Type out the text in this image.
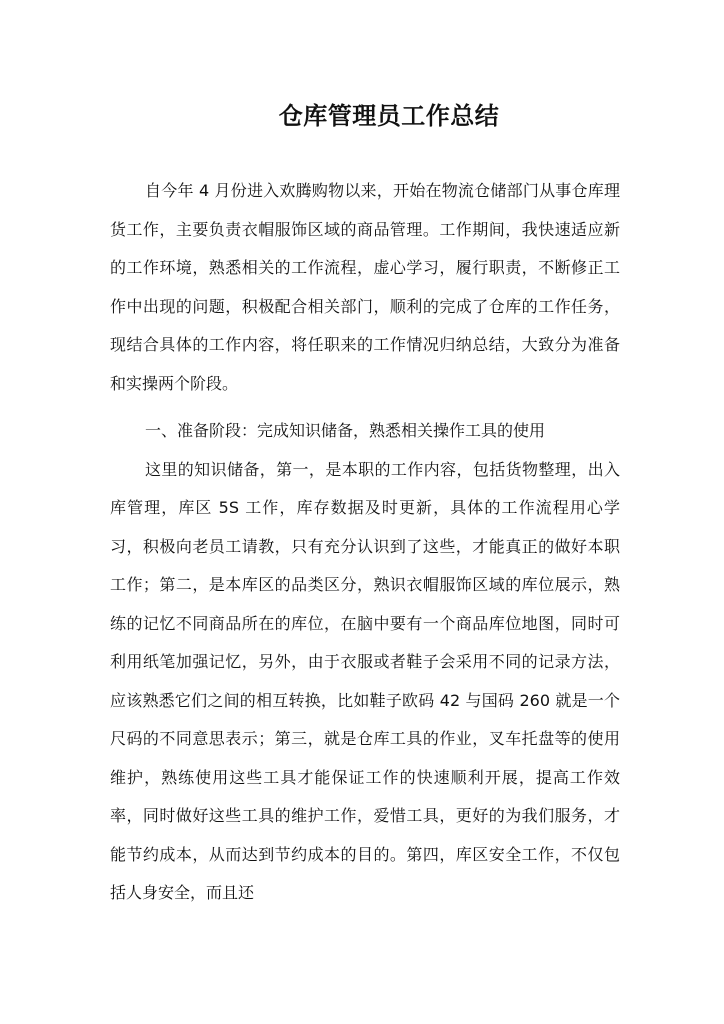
仓库管理员工作总结

自今年 4 月份进入欢腾购物以来，开始在物流仓储部门从事仓库理货工作，主要负责衣帽服饰区域的商品管理。工作期间，我快速适应新的工作环境，熟悉相关的工作流程，虚心学习，履行职责，不断修正工作中出现的问题，积极配合相关部门，顺利的完成了仓库的工作任务，现结合具体的工作内容，将任职来的工作情况归纳总结，大致分为准备和实操两个阶段。

一、准备阶段：完成知识储备，熟悉相关操作工具的使用

这里的知识储备，第一，是本职的工作内容，包括货物整理，出入库管理，库区 5S 工作，库存数据及时更新，具体的工作流程用心学习，积极向老员工请教，只有充分认识到了这些，才能真正的做好本职工作；第二，是本库区的品类区分，熟识衣帽服饰区域的库位展示，熟练的记忆不同商品所在的库位，在脑中要有一个商品库位地图，同时可利用纸笔加强记忆，另外，由于衣服或者鞋子会采用不同的记录方法，应该熟悉它们之间的相互转换，比如鞋子欧码 42 与国码 260 就是一个尺码的不同意思表示；第三，就是仓库工具的作业，叉车托盘等的使用维护，熟练使用这些工具才能保证工作的快速顺利开展，提高工作效率，同时做好这些工具的维护工作，爱惜工具，更好的为我们服务，才能节约成本，从而达到节约成本的目的。第四，库区安全工作，不仅包括人身安全，而且还
